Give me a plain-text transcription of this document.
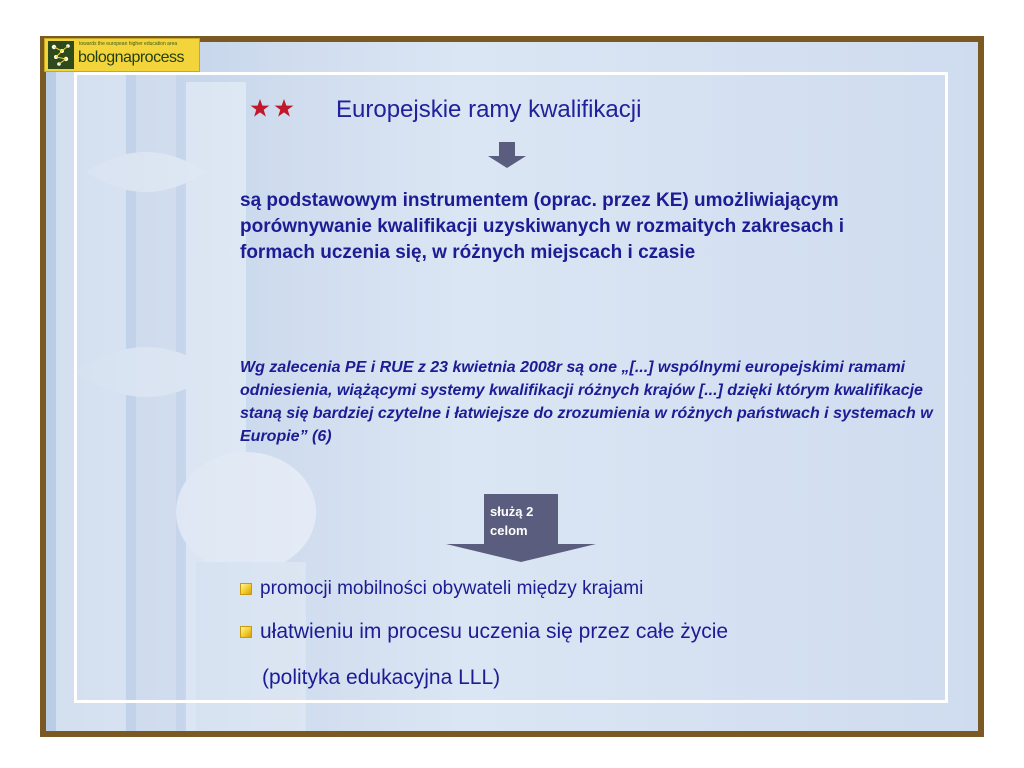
towards the european higher education area
bolognaprocess
Europejskie ramy kwalifikacji
są podstawowym instrumentem (oprac. przez KE) umożliwiającym porównywanie kwalifikacji uzyskiwanych w rozmaitych zakresach i formach uczenia się, w różnych miejscach i czasie
Wg zalecenia PE i RUE z 23 kwietnia 2008r są one „[...] wspólnymi europejskimi ramami odniesienia, wiążącymi systemy kwalifikacji różnych krajów [...] dzięki którym kwalifikacje staną się bardziej czytelne i łatwiejsze do zrozumienia w różnych państwach i systemach w Europie” (6)
służą 2 celom
promocji mobilności obywateli między krajami
ułatwieniu im procesu uczenia się przez całe życie
(polityka edukacyjna LLL)
